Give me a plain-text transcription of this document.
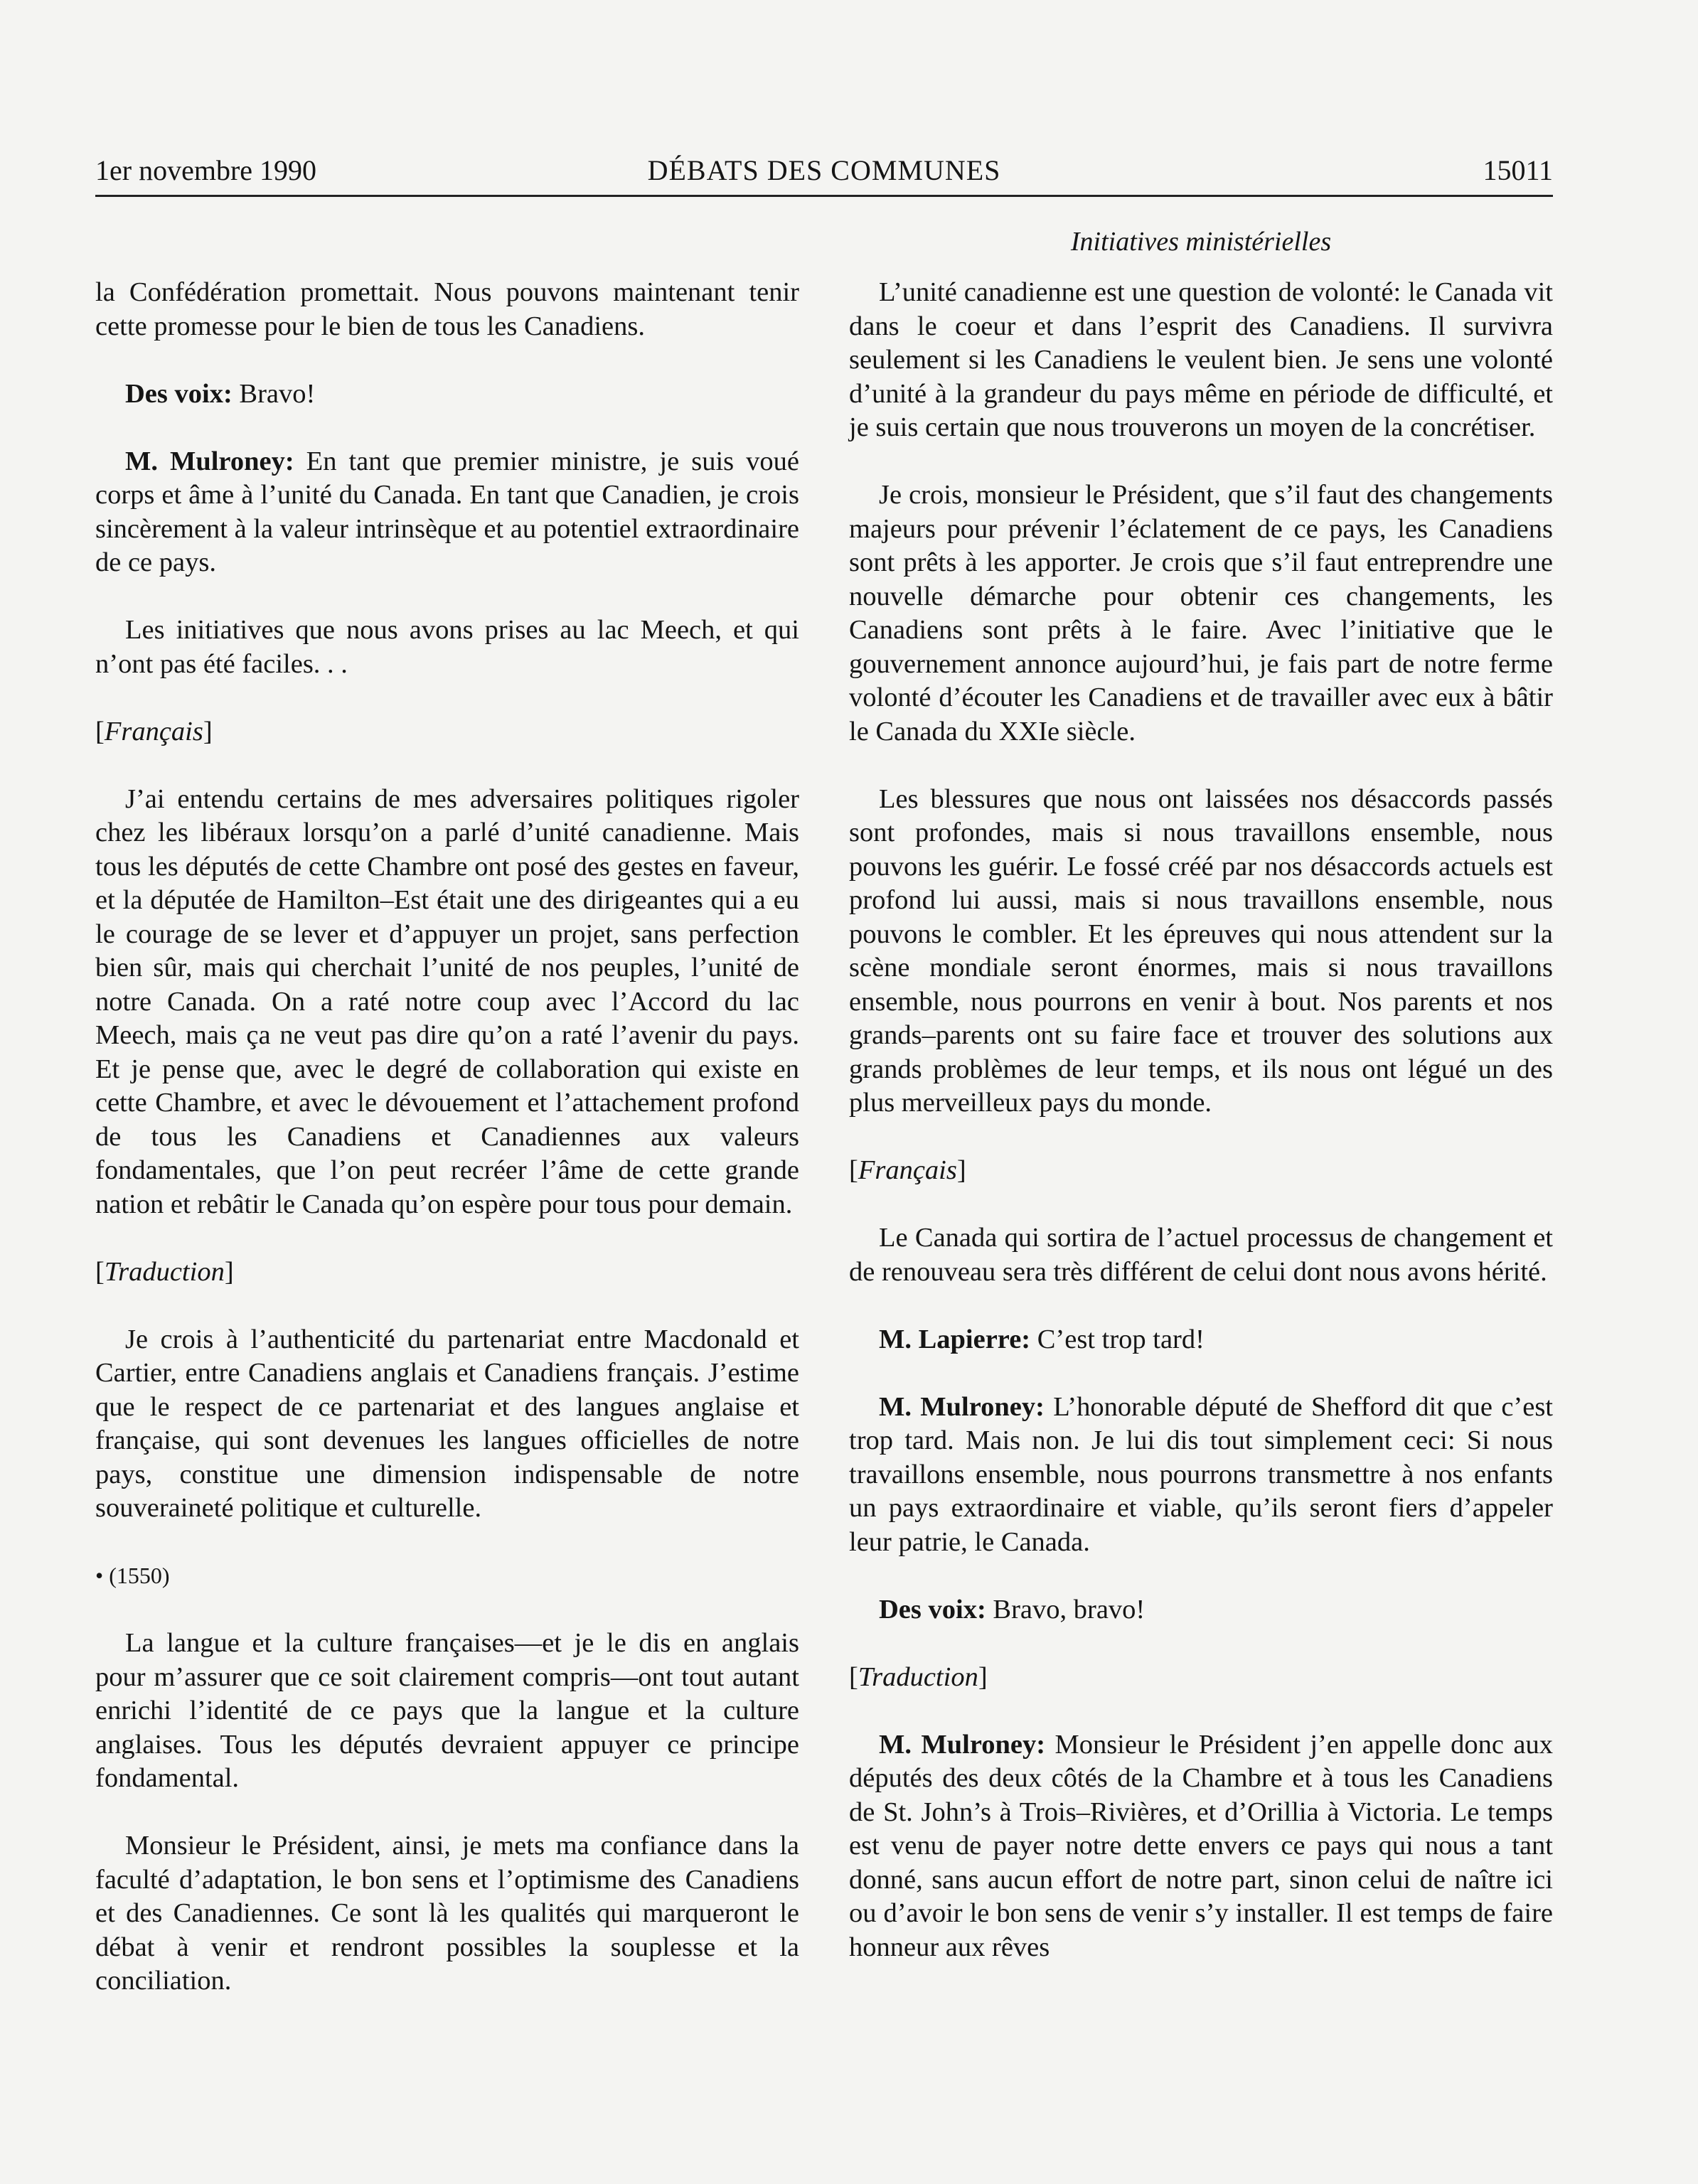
1er novembre 1990	DÉBATS DES COMMUNES	15011
Initiatives ministérielles

la Confédération promettait. Nous pouvons maintenant tenir cette promesse pour le bien de tous les Canadiens.

Des voix: Bravo!

M. Mulroney: En tant que premier ministre, je suis voué corps et âme à l’unité du Canada. En tant que Canadien, je crois sincèrement à la valeur intrinsèque et au potentiel extraordinaire de ce pays.

Les initiatives que nous avons prises au lac Meech, et qui n’ont pas été faciles. . .

[Français]

J’ai entendu certains de mes adversaires politiques rigoler chez les libéraux lorsqu’on a parlé d’unité canadienne. Mais tous les députés de cette Chambre ont posé des gestes en faveur, et la députée de Hamilton–Est était une des dirigeantes qui a eu le courage de se lever et d’appuyer un projet, sans perfection bien sûr, mais qui cherchait l’unité de nos peuples, l’unité de notre Canada. On a raté notre coup avec l’Accord du lac Meech, mais ça ne veut pas dire qu’on a raté l’avenir du pays. Et je pense que, avec le degré de collaboration qui existe en cette Chambre, et avec le dévouement et l’attachement profond de tous les Canadiens et Canadiennes aux valeurs fondamentales, que l’on peut recréer l’âme de cette grande nation et rebâtir le Canada qu’on espère pour tous pour demain.

[Traduction]

Je crois à l’authenticité du partenariat entre Macdonald et Cartier, entre Canadiens anglais et Canadiens français. J’estime que le respect de ce partenariat et des langues anglaise et française, qui sont devenues les langues officielles de notre pays, constitue une dimension indispensable de notre souveraineté politique et culturelle.

• (1550)

La langue et la culture françaises—et je le dis en anglais pour m’assurer que ce soit clairement compris—ont tout autant enrichi l’identité de ce pays que la langue et la culture anglaises. Tous les députés devraient appuyer ce principe fondamental.

Monsieur le Président, ainsi, je mets ma confiance dans la faculté d’adaptation, le bon sens et l’optimisme des Canadiens et des Canadiennes. Ce sont là les qualités qui marqueront le débat à venir et rendront possibles la souplesse et la conciliation.

L’unité canadienne est une question de volonté: le Canada vit dans le coeur et dans l’esprit des Canadiens. Il survivra seulement si les Canadiens le veulent bien. Je sens une volonté d’unité à la grandeur du pays même en période de difficulté, et je suis certain que nous trouverons un moyen de la concrétiser.

Je crois, monsieur le Président, que s’il faut des changements majeurs pour prévenir l’éclatement de ce pays, les Canadiens sont prêts à les apporter. Je crois que s’il faut entreprendre une nouvelle démarche pour obtenir ces changements, les Canadiens sont prêts à le faire. Avec l’initiative que le gouvernement annonce aujourd’hui, je fais part de notre ferme volonté d’écouter les Canadiens et de travailler avec eux à bâtir le Canada du XXIe siècle.

Les blessures que nous ont laissées nos désaccords passés sont profondes, mais si nous travaillons ensemble, nous pouvons les guérir. Le fossé créé par nos désaccords actuels est profond lui aussi, mais si nous travaillons ensemble, nous pouvons le combler. Et les épreuves qui nous attendent sur la scène mondiale seront énormes, mais si nous travaillons ensemble, nous pourrons en venir à bout. Nos parents et nos grands–parents ont su faire face et trouver des solutions aux grands problèmes de leur temps, et ils nous ont légué un des plus merveilleux pays du monde.

[Français]

Le Canada qui sortira de l’actuel processus de changement et de renouveau sera très différent de celui dont nous avons hérité.

M. Lapierre: C’est trop tard!

M. Mulroney: L’honorable député de Shefford dit que c’est trop tard. Mais non. Je lui dis tout simplement ceci: Si nous travaillons ensemble, nous pourrons transmettre à nos enfants un pays extraordinaire et viable, qu’ils seront fiers d’appeler leur patrie, le Canada.

Des voix: Bravo, bravo!

[Traduction]

M. Mulroney: Monsieur le Président j’en appelle donc aux députés des deux côtés de la Chambre et à tous les Canadiens de St. John’s à Trois–Rivières, et d’Orillia à Victoria. Le temps est venu de payer notre dette envers ce pays qui nous a tant donné, sans aucun effort de notre part, sinon celui de naître ici ou d’avoir le bon sens de venir s’y installer. Il est temps de faire honneur aux rêves
